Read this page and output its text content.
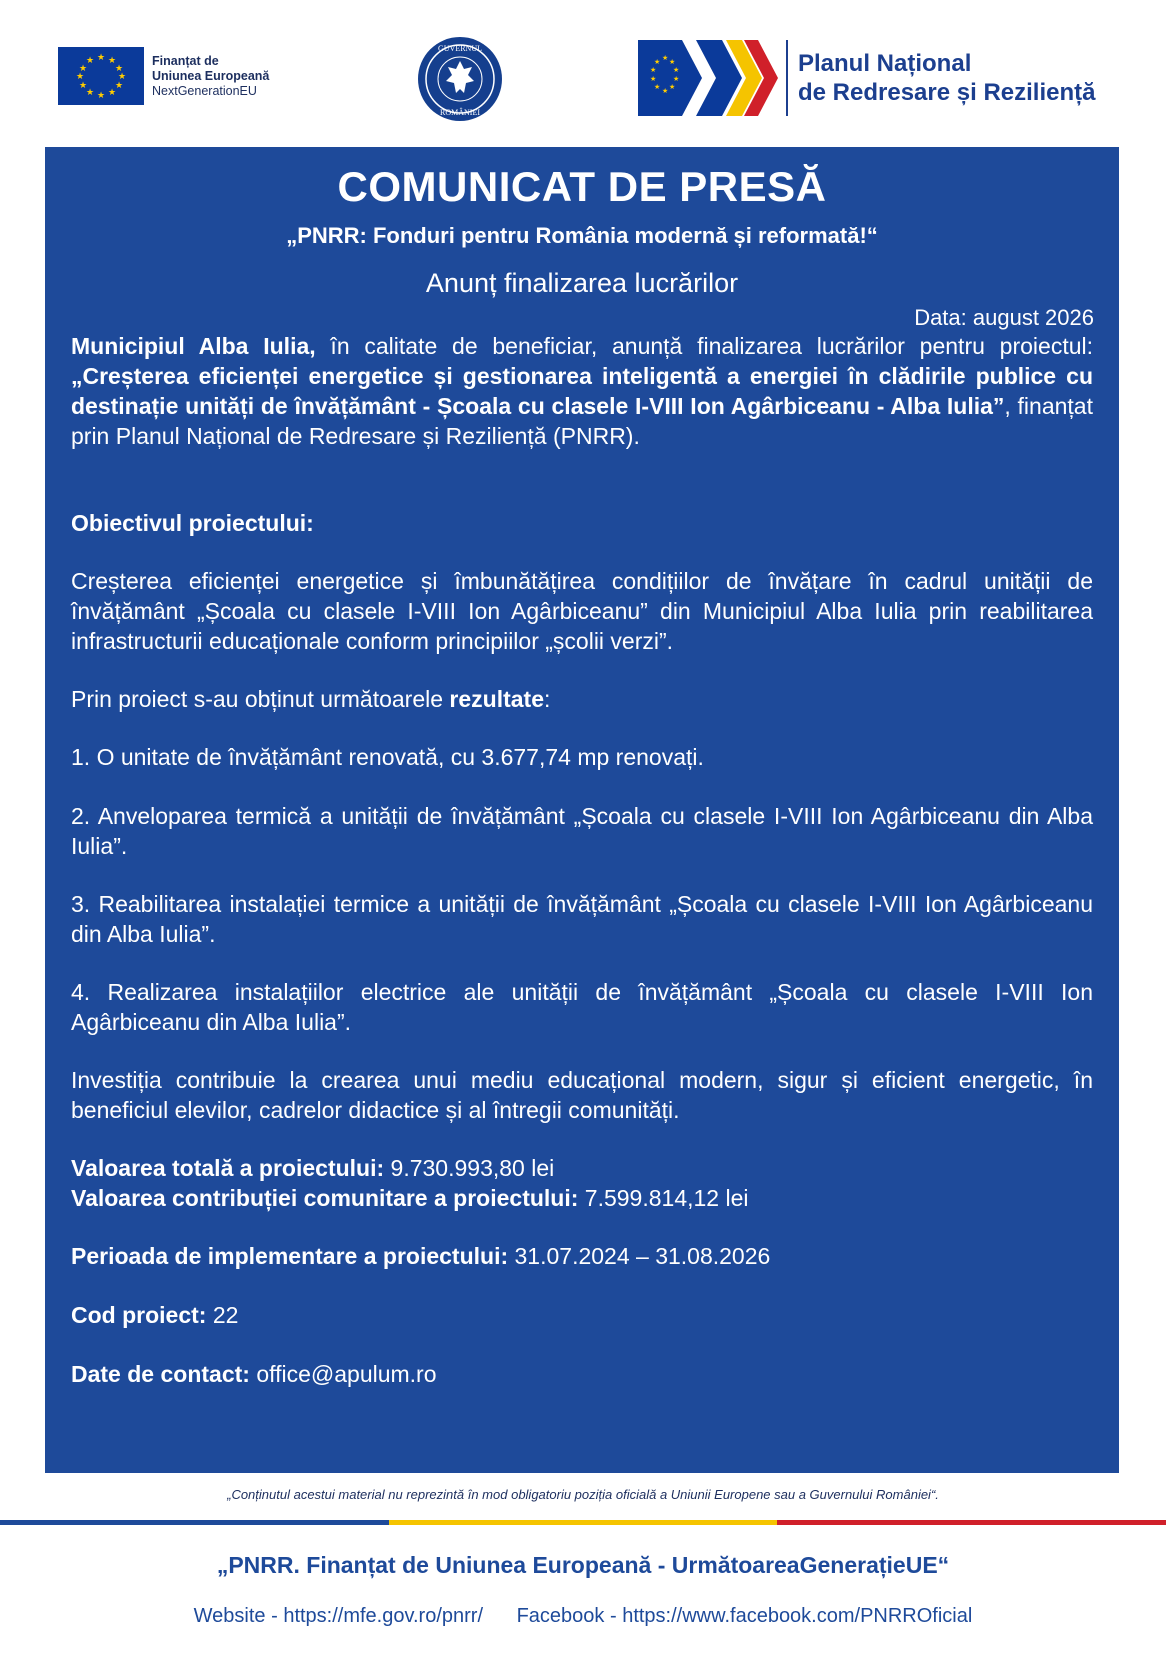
★ ★
★
★
★
★
★
★
★
★
★
★	Finanțat de
Uniunea Europeană
NextGenerationEU
GUVERNUL
ROMÂNIEI
★
★
★
★
★
★
★
★
★
★	Planul Național
de Redresare și Reziliență
COMUNICAT DE PRESĂ
„PNRR: Fonduri pentru România modernă și reformată!“
Anunț finalizarea lucrărilor
Data: august 2026
Municipiul Alba Iulia, în calitate de beneficiar, anunță finalizarea lucrărilor pentru proiectul: „Creșterea eficienței energetice și gestionarea inteligentă a energiei în clădirile publice cu destinație unități de învățământ - Școala cu clasele I-VIII Ion Agârbiceanu - Alba Iulia”, finanțat prin Planul Național de Redresare și Reziliență (PNRR).
Obiectivul proiectului:
Creșterea eficienței energetice și îmbunătățirea condițiilor de învățare în cadrul unității de învățământ „Școala cu clasele I-VIII Ion Agârbiceanu” din Municipiul Alba Iulia prin reabilitarea infrastructurii educaționale conform principiilor „școlii verzi”.
Prin proiect s-au obținut următoarele rezultate:
1. O unitate de învățământ renovată, cu 3.677,74 mp renovați.
2. Anveloparea termică a unității de învățământ „Școala cu clasele I-VIII Ion Agârbiceanu din Alba Iulia”.
3. Reabilitarea instalației termice a unității de învățământ „Școala cu clasele I-VIII Ion Agârbiceanu din Alba Iulia”.
4. Realizarea instalațiilor electrice ale unității de învățământ „Școala cu clasele I-VIII Ion Agârbiceanu din Alba Iulia”.
Investiția contribuie la crearea unui mediu educațional modern, sigur și eficient energetic, în beneficiul elevilor, cadrelor didactice și al întregii comunități.
Valoarea totală a proiectului: 9.730.993,80 lei
Valoarea contribuției comunitare a proiectului: 7.599.814,12 lei
Perioada de implementare a proiectului: 31.07.2024 – 31.08.2026
Cod proiect: 22
Date de contact: office@apulum.ro
„Conținutul acestui material nu reprezintă în mod obligatoriu poziția oficială a Uniunii Europene sau a Guvernului României“.
„PNRR. Finanțat de Uniunea Europeană - UrmătoareaGenerațieUE“
Website - https://mfe.gov.ro/pnrr/ Facebook - https://www.facebook.com/PNRROficial
